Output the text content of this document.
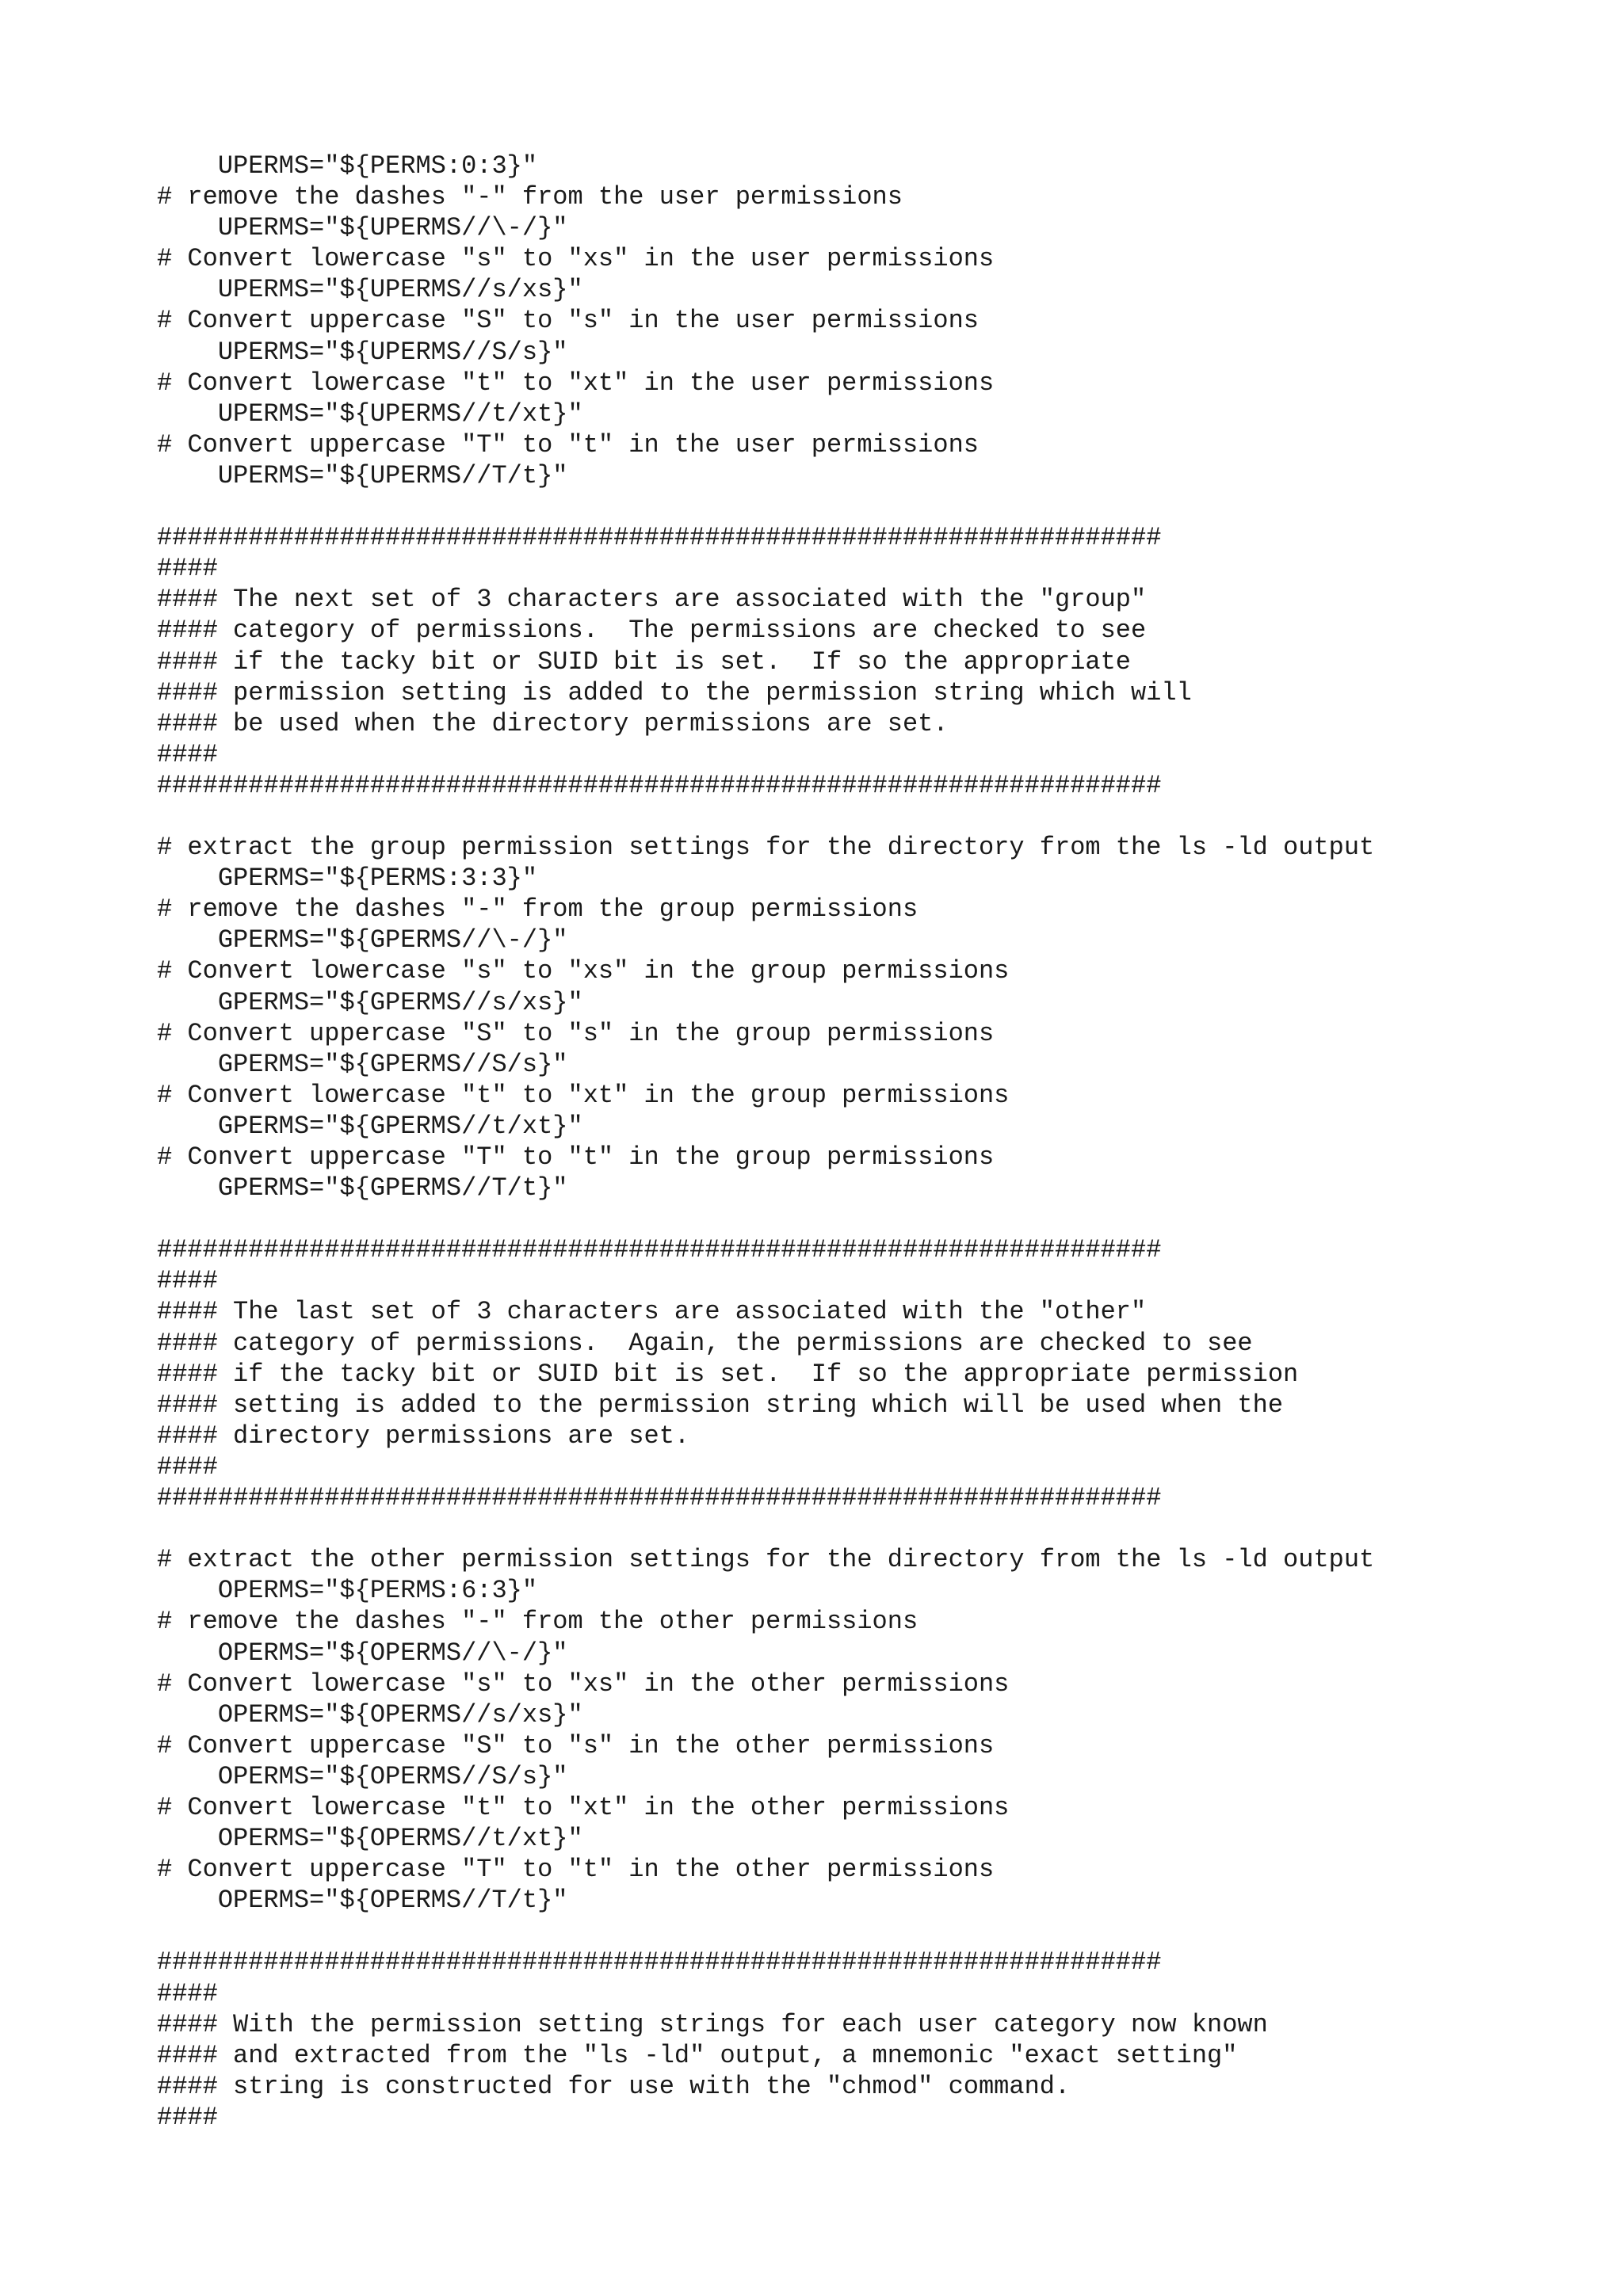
UPERMS="${PERMS:0:3}"
# remove the dashes "-" from the user permissions
UPERMS="${UPERMS//\-/}"
# Convert lowercase "s" to "xs" in the user permissions
UPERMS="${UPERMS//s/xs}"
# Convert uppercase "S" to "s" in the user permissions
UPERMS="${UPERMS//S/s}"
# Convert lowercase "t" to "xt" in the user permissions
UPERMS="${UPERMS//t/xt}"
# Convert uppercase "T" to "t" in the user permissions
UPERMS="${UPERMS//T/t}"
##################################################################
####
#### The next set of 3 characters are associated with the "group"
#### category of permissions.  The permissions are checked to see
#### if the tacky bit or SUID bit is set.  If so the appropriate
#### permission setting is added to the permission string which will
#### be used when the directory permissions are set.
####
##################################################################
# extract the group permission settings for the directory from the ls -ld output
GPERMS="${PERMS:3:3}"
# remove the dashes "-" from the group permissions
GPERMS="${GPERMS//\-/}"
# Convert lowercase "s" to "xs" in the group permissions
GPERMS="${GPERMS//s/xs}"
# Convert uppercase "S" to "s" in the group permissions
GPERMS="${GPERMS//S/s}"
# Convert lowercase "t" to "xt" in the group permissions
GPERMS="${GPERMS//t/xt}"
# Convert uppercase "T" to "t" in the group permissions
GPERMS="${GPERMS//T/t}"
##################################################################
####
#### The last set of 3 characters are associated with the "other"
#### category of permissions.  Again, the permissions are checked to see
#### if the tacky bit or SUID bit is set.  If so the appropriate permission
#### setting is added to the permission string which will be used when the
#### directory permissions are set.
####
##################################################################
# extract the other permission settings for the directory from the ls -ld output
OPERMS="${PERMS:6:3}"
# remove the dashes "-" from the other permissions
OPERMS="${OPERMS//\-/}"
# Convert lowercase "s" to "xs" in the other permissions
OPERMS="${OPERMS//s/xs}"
# Convert uppercase "S" to "s" in the other permissions
OPERMS="${OPERMS//S/s}"
# Convert lowercase "t" to "xt" in the other permissions
OPERMS="${OPERMS//t/xt}"
# Convert uppercase "T" to "t" in the other permissions
OPERMS="${OPERMS//T/t}"
##################################################################
####
#### With the permission setting strings for each user category now known
#### and extracted from the "ls -ld" output, a mnemonic "exact setting"
#### string is constructed for use with the "chmod" command.
####
